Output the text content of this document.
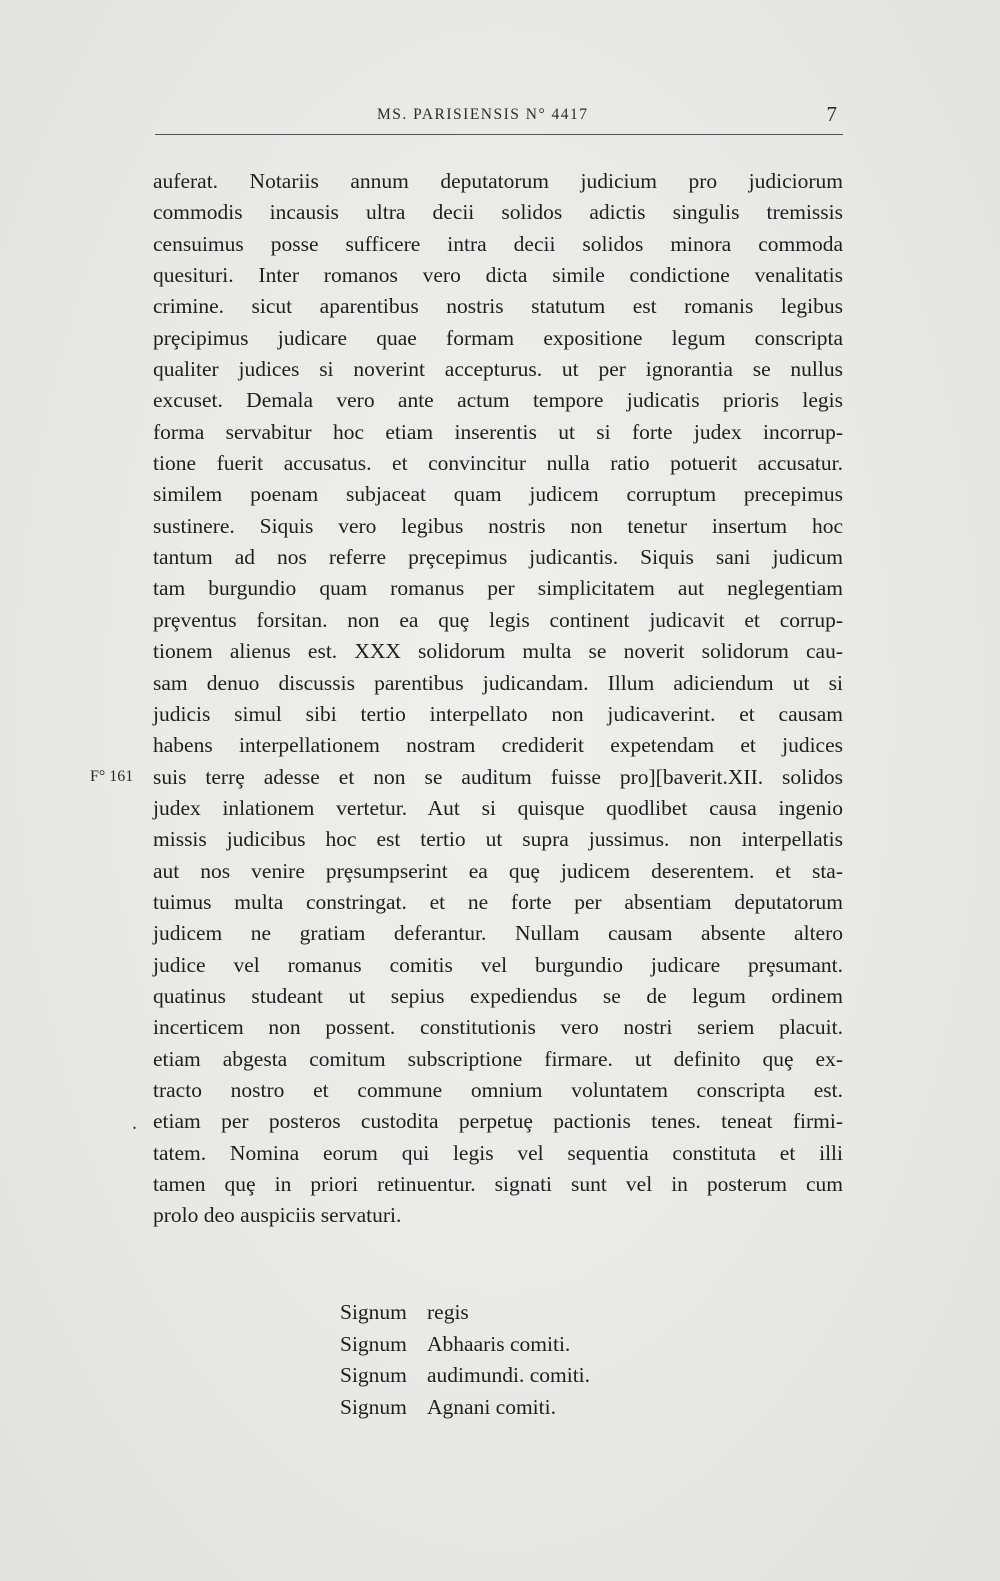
MS. PARISIENSIS N° 4417	7
F° 161
.
auferat. Notariis annum deputatorum judicium pro judiciorum
commodis incausis ultra decii solidos adictis singulis tremissis
censuimus posse sufficere intra decii solidos minora commoda
quesituri. Inter romanos vero dicta simile condictione venalitatis
crimine. sicut aparentibus nostris statutum est romanis legibus
prȩcipimus judicare quae formam expositione legum conscripta
qualiter judices si noverint accepturus. ut per ignorantia se nullus
excuset. Demala vero ante actum tempore judicatis prioris legis
forma servabitur hoc etiam inserentis ut si forte judex incorrup-
tione fuerit accusatus. et convincitur nulla ratio potuerit accusatur.
similem poenam subjaceat quam judicem corruptum precepimus
sustinere. Siquis vero legibus nostris non tenetur insertum hoc
tantum ad nos referre prȩcepimus judicantis. Siquis sani judicum
tam burgundio quam romanus per simplicitatem aut neglegentiam
prȩventus forsitan. non ea quȩ legis continent judicavit et corrup-
tionem alienus est. XXX solidorum multa se noverit solidorum cau-
sam denuo discussis parentibus judicandam. Illum adiciendum ut si
judicis simul sibi tertio interpellato non judicaverint. et causam
habens interpellationem nostram crediderit expetendam et judices
suis terrȩ adesse et non se auditum fuisse pro][baverit.XII. solidos
judex inlationem vertetur. Aut si quisque quodlibet causa ingenio
missis judicibus hoc est tertio ut supra jussimus. non interpellatis
aut nos venire prȩsumpserint ea quȩ judicem deserentem. et sta-
tuimus multa constringat. et ne forte per absentiam deputatorum
judicem ne gratiam deferantur. Nullam causam absente altero
judice vel romanus comitis vel burgundio judicare prȩsumant.
quatinus studeant ut sepius expediendus se de legum ordinem
incerticem non possent. constitutionis vero nostri seriem placuit.
etiam abgesta comitum subscriptione firmare. ut definito quȩ ex-
tracto nostro et commune omnium voluntatem conscripta est.
etiam per posteros custodita perpetuȩ pactionis tenes. teneat firmi-
tatem. Nomina eorum qui legis vel sequentia constituta et illi
tamen quȩ in priori retinuentur. signati sunt vel in posterum cum
prolo deo auspiciis servaturi.
Signum regis
Signum Abhaaris comiti.
Signum audimundi. comiti.
Signum Agnani comiti.
